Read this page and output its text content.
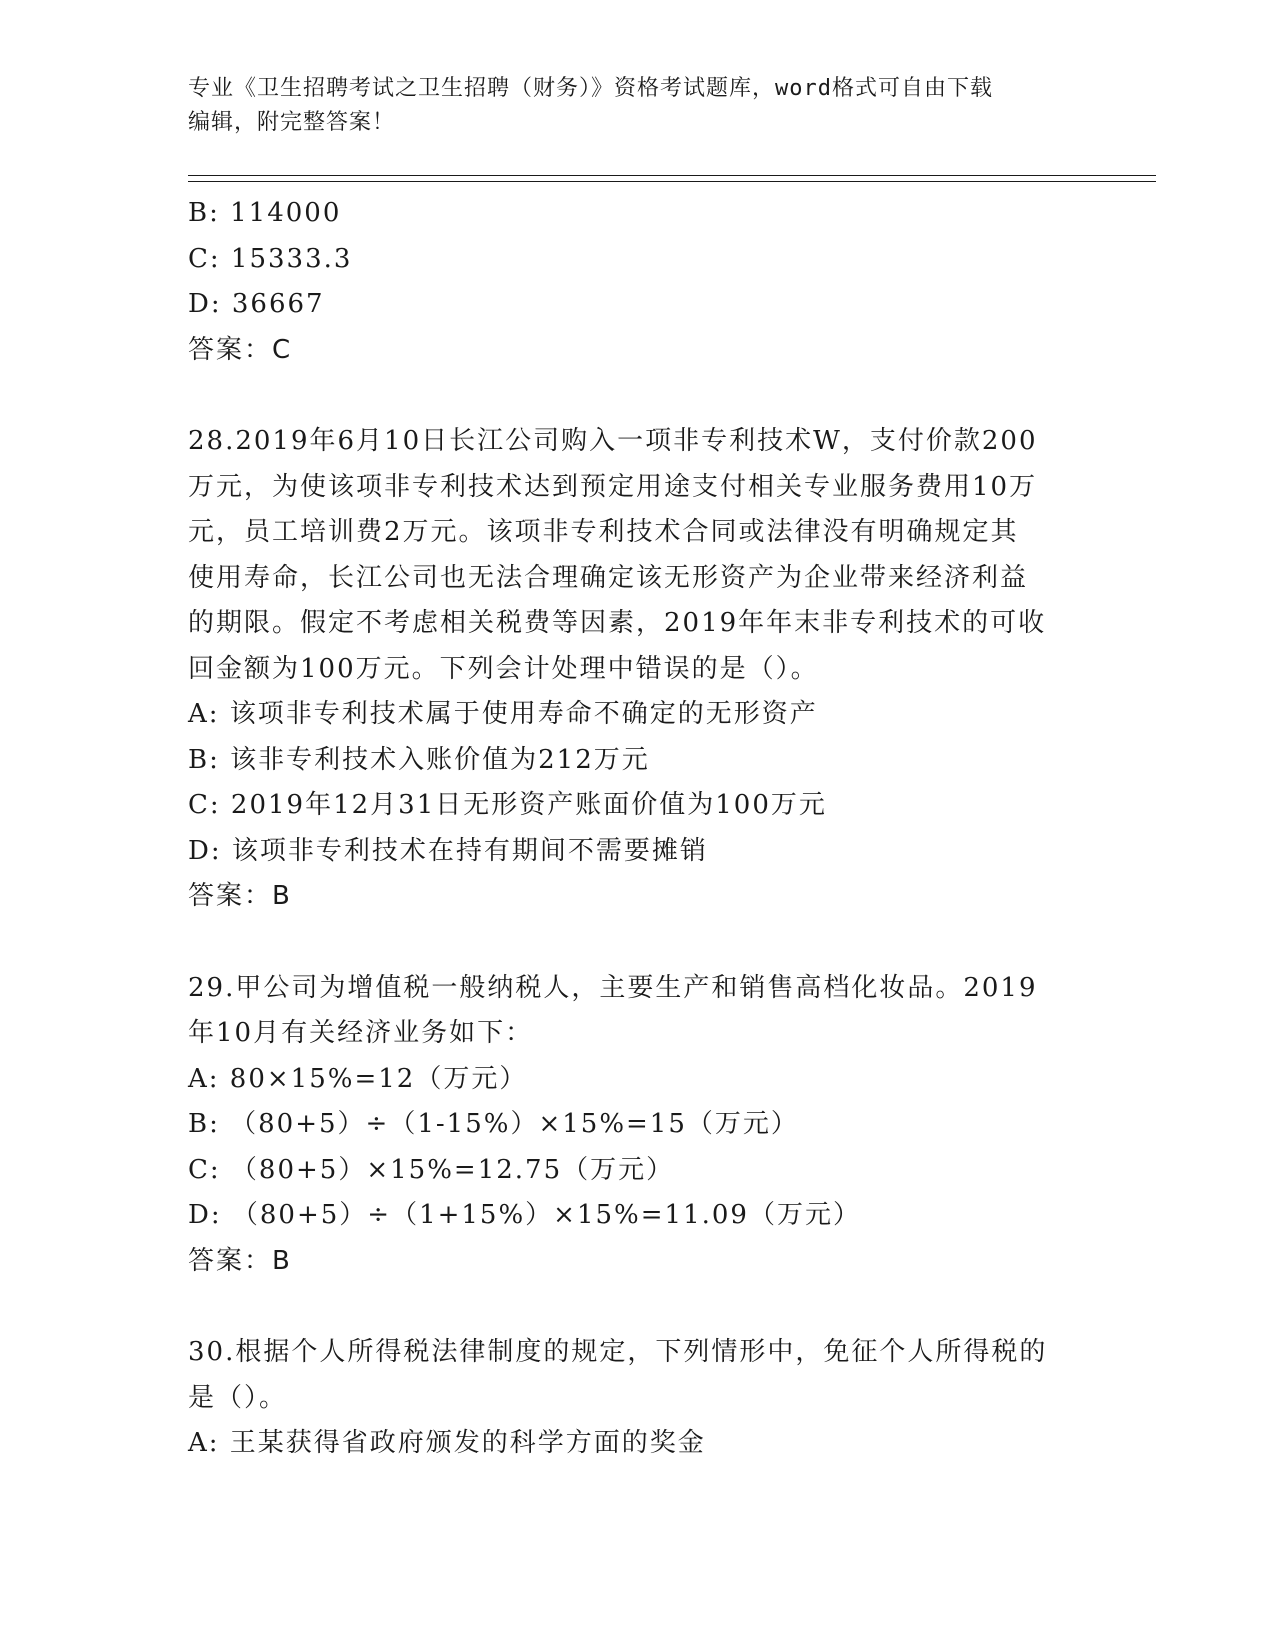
专业《卫生招聘考试之卫生招聘（财务）》资格考试题库，word格式可自由下载

编辑，附完整答案！

B: 114000
C: 15333.3
D: 36667
答案：C
28.2019年6月10日长江公司购入一项非专利技术W，支付价款200
万元，为使该项非专利技术达到预定用途支付相关专业服务费用10万
元，员工培训费2万元。该项非专利技术合同或法律没有明确规定其
使用寿命，长江公司也无法合理确定该无形资产为企业带来经济利益
的期限。假定不考虑相关税费等因素，2019年年末非专利技术的可收
回金额为100万元。下列会计处理中错误的是（）。
A: 该项非专利技术属于使用寿命不确定的无形资产
B: 该非专利技术入账价值为212万元
C: 2019年12月31日无形资产账面价值为100万元
D: 该项非专利技术在持有期间不需要摊销
答案：B
29.甲公司为增值税一般纳税人，主要生产和销售高档化妆品。2019
年10月有关经济业务如下：
A: 80×15%=12（万元）
B: （80+5）÷（1-15%）×15%=15（万元）
C: （80+5）×15%=12.75（万元）
D: （80+5）÷（1+15%）×15%=11.09（万元）
答案：B
30.根据个人所得税法律制度的规定，下列情形中，免征个人所得税的
是（）。
A: 王某获得省政府颁发的科学方面的奖金
